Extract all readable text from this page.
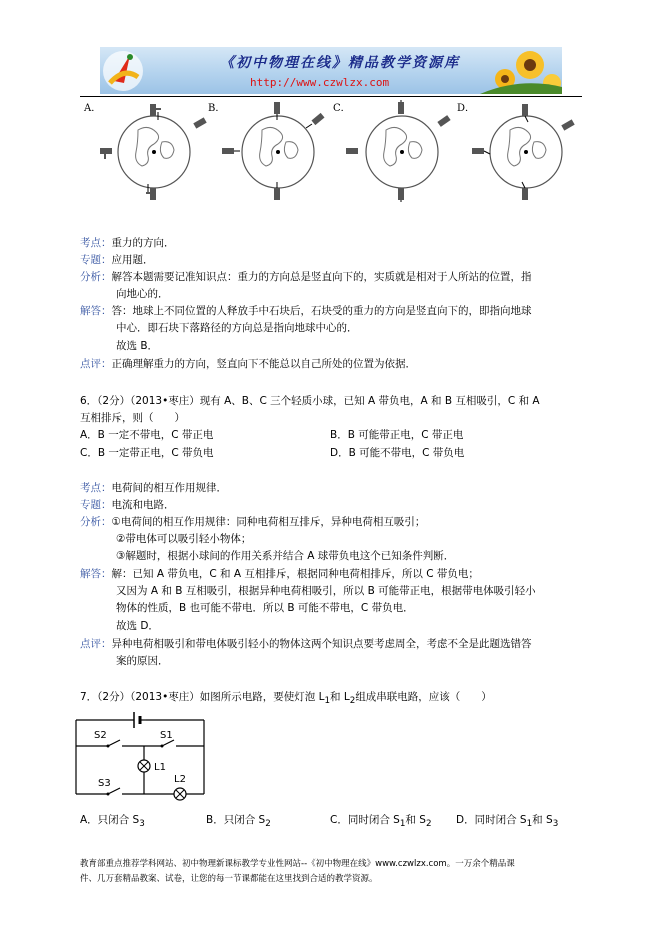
《初中物理在线》精品教学资源库
http://www.czwlzx.com
A．	B．	C．	D．
考点：重力的方向．
专题：应用题．
分析：解答本题需要记准知识点：重力的方向总是竖直向下的，实质就是相对于人所站的位置，指
向地心的．
解答：答：地球上不同位置的人释放手中石块后，石块受的重力的方向是竖直向下的，即指向地球
中心．即石块下落路径的方向总是指向地球中心的．
故选 B．
点评：正确理解重力的方向，竖直向下不能总以自己所处的位置为依据．
6．（2分）（2013•枣庄）现有 A、B、C 三个轻质小球，已知 A 带负电，A 和 B 互相吸引，C 和 A
互相排斥，则（　　）
A．B 一定不带电，C 带正电	B．B 可能带正电，C 带正电
C．B 一定带正电，C 带负电	D．B 可能不带电，C 带负电
考点：电荷间的相互作用规律．
专题：电流和电路．
分析：①电荷间的相互作用规律：同种电荷相互排斥，异种电荷相互吸引；
②带电体可以吸引轻小物体；
③解题时，根据小球间的作用关系并结合 A 球带负电这个已知条件判断．
解答：解：已知 A 带负电，C 和 A 互相排斥，根据同种电荷相排斥，所以 C 带负电；
又因为 A 和 B 互相吸引，根据异种电荷相吸引，所以 B 可能带正电，根据带电体吸引轻小
物体的性质，B 也可能不带电．所以 B 可能不带电，C 带负电．
故选 D．
点评：异种电荷相吸引和带电体吸引轻小的物体这两个知识点要考虑周全，考虑不全是此题选错答
案的原因．
7．（2分）（2013•枣庄）如图所示电路，要使灯泡 $L_1$和 $L_2$组成串联电路，应该（　　）
S2	S1
L1
S3	L2
A．只闭合 $S_3$	B．只闭合 $S_2$	C．同时闭合 $S_1$和 $S_2$ D．同时闭合 $S_1$和 $S_3$
教育部重点推荐学科网站、初中物理新课标教学专业性网站--《初中物理在线》www.czwlzx.com。一万余个精品课
件、几万套精品教案、试卷，让您的每一节课都能在这里找到合适的教学资源。
